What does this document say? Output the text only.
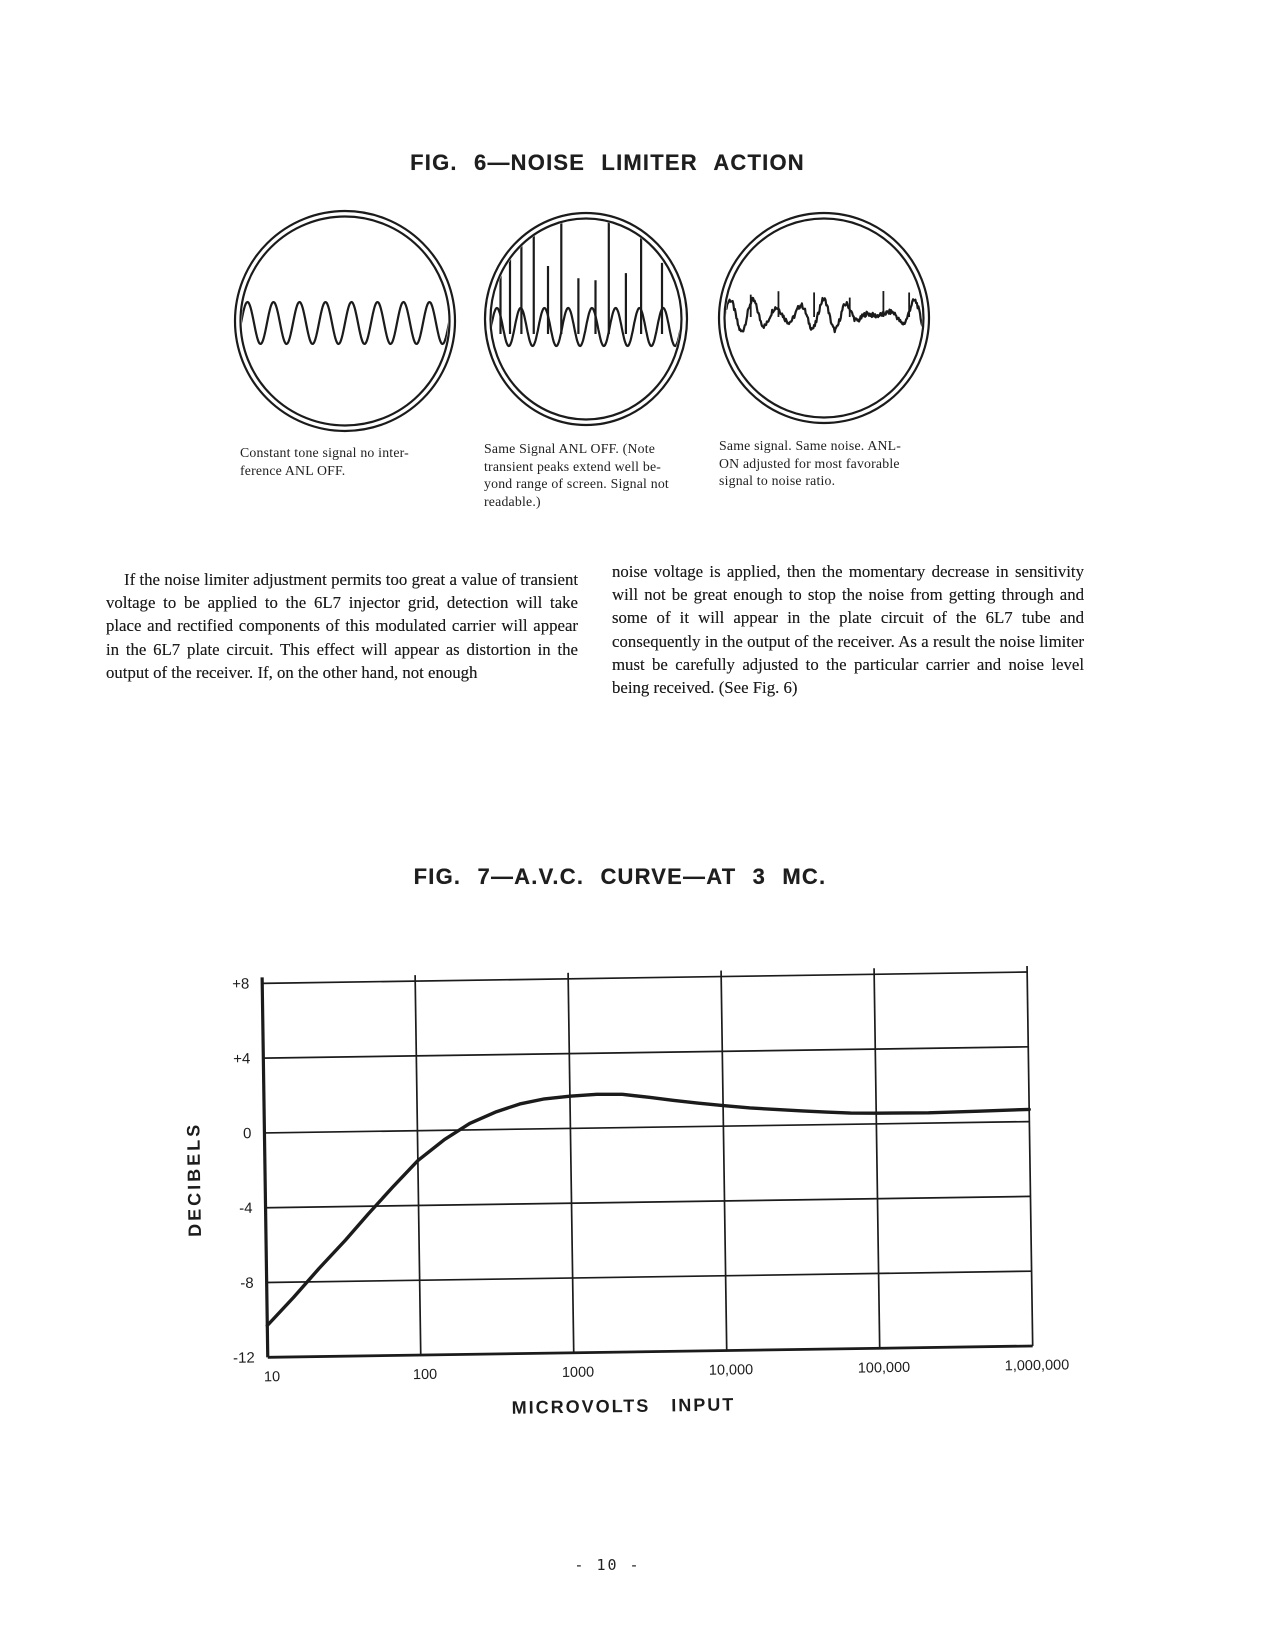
FIG. 6—NOISE LIMITER ACTION
Constant tone signal no inter-
ference ANL OFF.
Same Signal ANL OFF. (Note
transient peaks extend well be-
yond range of screen. Signal not
readable.)
Same signal. Same noise. ANL-
ON adjusted for most favorable
signal to noise ratio.

If the noise limiter adjustment permits too great a value of transient voltage to be applied to the 6L7 injector grid, detection will take place and rectified components of this modulated carrier will appear in the 6L7 plate circuit. This effect will appear as distortion in the output of the receiver. If, on the other hand, not enough

noise voltage is applied, then the momentary decrease in sensitivity will not be great enough to stop the noise from getting through and some of it will appear in the plate circuit of the 6L7 tube and consequently in the output of the receiver. As a result the noise limiter must be carefully adjusted to the particular carrier and noise level being received. (See Fig. 6)

FIG. 7—A.V.C. CURVE—AT 3 MC.
+8
+4
0
-4
-8
-12
10	100	1000	10,000	100,000	1,000,000
DECIBELS
MICROVOLTS INPUT
- 10 -
